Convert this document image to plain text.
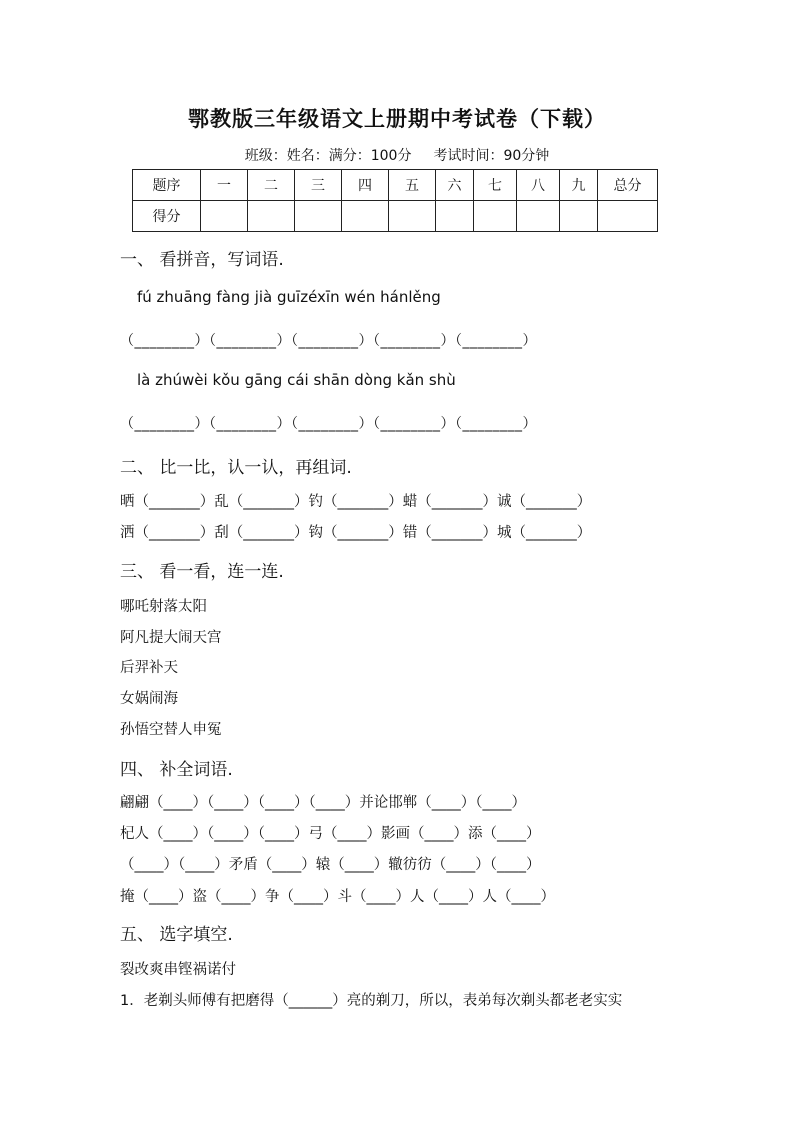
鄂教版三年级语文上册期中考试卷（下载）
班级：姓名：满分：100分 考试时间：90分钟
题序	一	二	三	四	五	六	七	八	九	总分
得分										
一、 看拼音，写词语.
fú zhuāng fàng jià guīzéxīn wén hánlěng
（________）（________）（________）（________）（________）
là zhúwèi kǒu gāng cái shān dòng kǎn shù
（________）（________）（________）（________）（________）
二、 比一比，认一认，再组词.
晒（_______）乱（_______）钓（_______）蜡（_______）诚（_______）
洒（_______）刮（_______）钩（_______）错（_______）城（_______）
三、 看一看，连一连.
哪吒射落太阳
阿凡提大闹天宫
后羿补天
女娲闹海
孙悟空替人申冤
四、 补全词语.
翩翩（____）（____）（____）（____）并论邯郸（____）（____）
杞人（____）（____）（____）弓（____）影画（____）添（____）
（____）（____）矛盾（____）辕（____）辙彷彷（____）（____）
掩（____）盗（____）争（____）斗（____）人（____）人（____）
五、 选字填空.
裂改爽串铿祸诺付
1．老剃头师傅有把磨得（______）亮的剃刀，所以，表弟每次剃头都老老实实
